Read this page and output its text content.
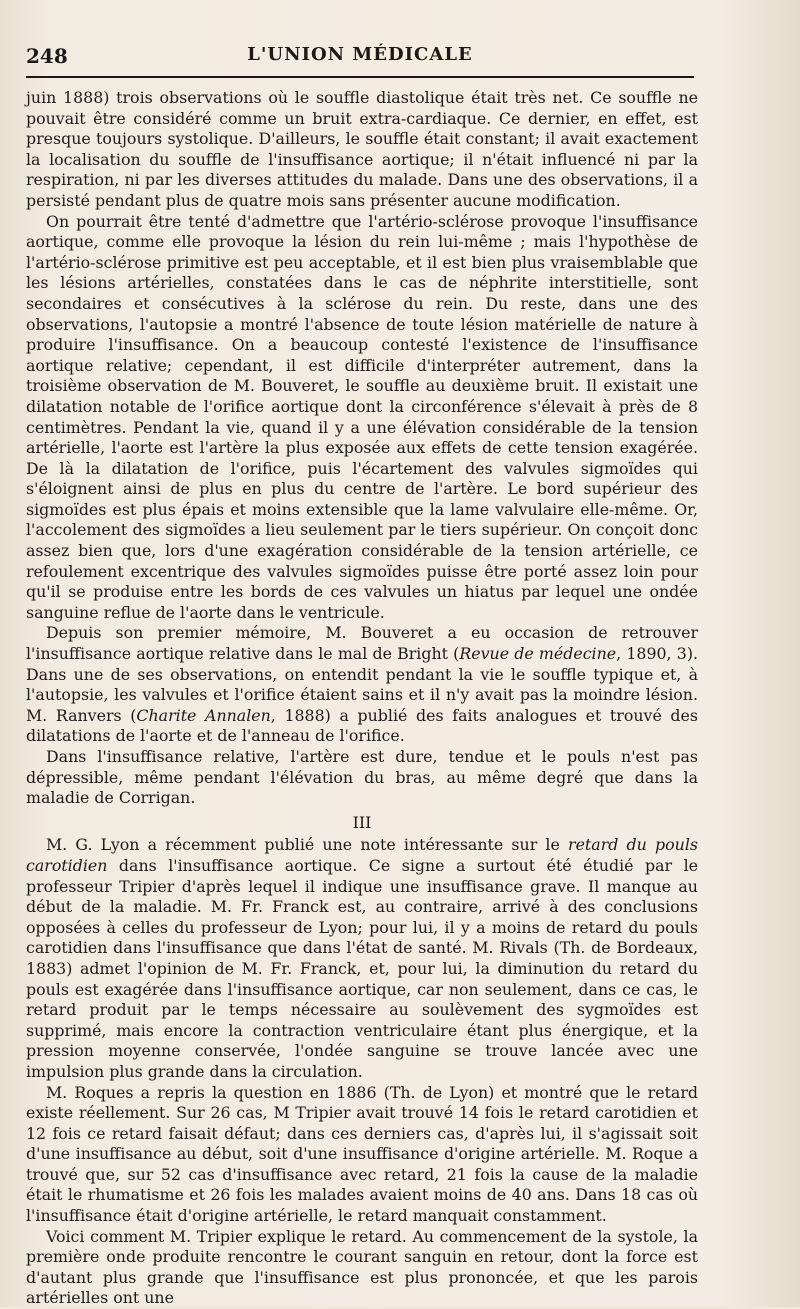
248	L'UNION MÉDICALE

juin 1888) trois observations où le souffle diastolique était très net. Ce souffle ne pouvait être considéré comme un bruit extra-cardiaque. Ce dernier, en effet, est presque toujours systolique. D'ailleurs, le souffle était constant; il avait exactement la localisation du souffle de l'insuffisance aortique; il n'était influencé ni par la respiration, ni par les diverses attitudes du malade. Dans une des observations, il a persisté pendant plus de quatre mois sans présenter aucune modification.

On pourrait être tenté d'admettre que l'artério-sclérose provoque l'insuffisance aortique, comme elle provoque la lésion du rein lui-même ; mais l'hypothèse de l'artério-sclérose primitive est peu acceptable, et il est bien plus vraisemblable que les lésions artérielles, constatées dans le cas de néphrite interstitielle, sont secondaires et consécutives à la sclérose du rein. Du reste, dans une des observations, l'autopsie a montré l'absence de toute lésion matérielle de nature à produire l'insuffisance. On a beaucoup contesté l'existence de l'insuffisance aortique relative; cependant, il est difficile d'interpréter autrement, dans la troisième observation de M. Bouveret, le souffle au deuxième bruit. Il existait une dilatation notable de l'orifice aortique dont la circonférence s'élevait à près de 8 centimètres. Pendant la vie, quand il y a une élévation considérable de la tension artérielle, l'aorte est l'artère la plus exposée aux effets de cette tension exagérée. De là la dilatation de l'orifice, puis l'écartement des valvules sigmoïdes qui s'éloignent ainsi de plus en plus du centre de l'artère. Le bord supérieur des sigmoïdes est plus épais et moins extensible que la lame valvulaire elle-même. Or, l'accolement des sigmoïdes a lieu seulement par le tiers supérieur. On conçoit donc assez bien que, lors d'une exagération considérable de la tension artérielle, ce refoulement excentrique des valvules sigmoïdes puisse être porté assez loin pour qu'il se produise entre les bords de ces valvules un hiatus par lequel une ondée sanguine reflue de l'aorte dans le ventricule.

Depuis son premier mémoire, M. Bouveret a eu occasion de retrouver l'insuffisance aortique relative dans le mal de Bright (Revue de médecine, 1890, 3). Dans une de ses observations, on entendit pendant la vie le souffle typique et, à l'autopsie, les valvules et l'orifice étaient sains et il n'y avait pas la moindre lésion. M. Ranvers (Charite Annalen, 1888) a publié des faits analogues et trouvé des dilatations de l'aorte et de l'anneau de l'orifice.

Dans l'insuffisance relative, l'artère est dure, tendue et le pouls n'est pas dépressible, même pendant l'élévation du bras, au même degré que dans la maladie de Corrigan.

III

M. G. Lyon a récemment publié une note intéressante sur le retard du pouls carotidien dans l'insuffisance aortique. Ce signe a surtout été étudié par le professeur Tripier d'après lequel il indique une insuffisance grave. Il manque au début de la maladie. M. Fr. Franck est, au contraire, arrivé à des conclusions opposées à celles du professeur de Lyon; pour lui, il y a moins de retard du pouls carotidien dans l'insuffisance que dans l'état de santé. M. Rivals (Th. de Bordeaux, 1883) admet l'opinion de M. Fr. Franck, et, pour lui, la diminution du retard du pouls est exagérée dans l'insuffisance aortique, car non seulement, dans ce cas, le retard produit par le temps nécessaire au soulèvement des sygmoïdes est supprimé, mais encore la contraction ventriculaire étant plus énergique, et la pression moyenne conservée, l'ondée sanguine se trouve lancée avec une impulsion plus grande dans la circulation.

M. Roques a repris la question en 1886 (Th. de Lyon) et montré que le retard existe réellement. Sur 26 cas, M Tripier avait trouvé 14 fois le retard carotidien et 12 fois ce retard faisait défaut; dans ces derniers cas, d'après lui, il s'agissait soit d'une insuffisance au début, soit d'une insuffisance d'origine artérielle. M. Roque a trouvé que, sur 52 cas d'insuffisance avec retard, 21 fois la cause de la maladie était le rhumatisme et 26 fois les malades avaient moins de 40 ans. Dans 18 cas où l'insuffisance était d'origine artérielle, le retard manquait constamment.

Voici comment M. Tripier explique le retard. Au commencement de la systole, la première onde produite rencontre le courant sanguin en retour, dont la force est d'autant plus grande que l'insuffisance est plus prononcée, et que les parois artérielles ont une
